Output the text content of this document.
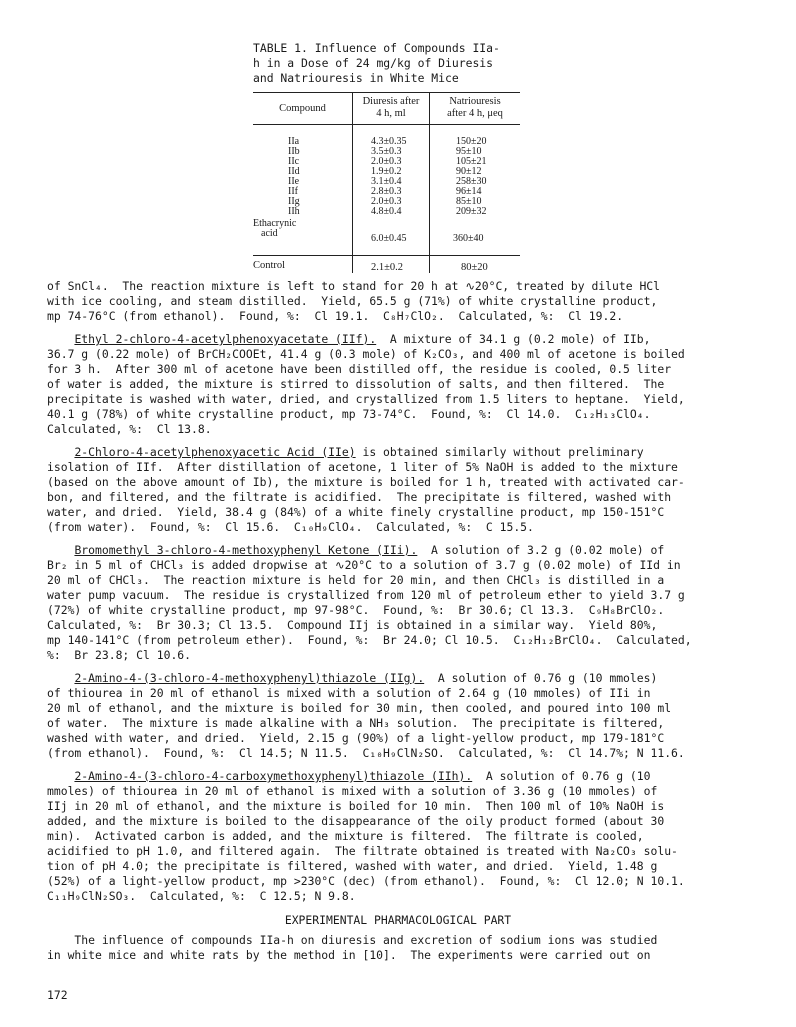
TABLE 1. Influence of Compounds IIa-
h in a Dose of 24 mg/kg of Diuresis
and Natriouresis in White Mice
Compound
Diuresis after
4 h, ml
Natriouresis
after 4 h, μeq
IIa
IIb
IIc
IId
IIe
IIf
IIg
IIh
Ethacrynic
acid
4.3±0.35
3.5±0.3
2.0±0.3
1.9±0.2
3.1±0.4
2.8±0.3
2.0±0.3
4.8±0.4
6.0±0.45
150±20
95±10
105±21
90±12
258±30
96±14
85±10
209±32
360±40
Control	2.1±0.2	80±20
of SnCl₄.  The reaction mixture is left to stand for 20 h at ∿20°C, treated by dilute HCl
with ice cooling, and steam distilled.  Yield, 65.5 g (71%) of white crystalline product,
mp 74-76°C (from ethanol).  Found, %:  Cl 19.1.  C₈H₇ClO₂.  Calculated, %:  Cl 19.2.
Ethyl 2-chloro-4-acetylphenoxyacetate (IIf).  A mixture of 34.1 g (0.2 mole) of IIb,
36.7 g (0.22 mole) of BrCH₂COOEt, 41.4 g (0.3 mole) of K₂CO₃, and 400 ml of acetone is boiled
for 3 h.  After 300 ml of acetone have been distilled off, the residue is cooled, 0.5 liter
of water is added, the mixture is stirred to dissolution of salts, and then filtered.  The
precipitate is washed with water, dried, and crystallized from 1.5 liters to heptane.  Yield,
40.1 g (78%) of white crystalline product, mp 73-74°C.  Found, %:  Cl 14.0.  C₁₂H₁₃ClO₄.
Calculated, %:  Cl 13.8.
2-Chloro-4-acetylphenoxyacetic Acid (IIe) is obtained similarly without preliminary
isolation of IIf.  After distillation of acetone, 1 liter of 5% NaOH is added to the mixture
(based on the above amount of Ib), the mixture is boiled for 1 h, treated with activated car-
bon, and filtered, and the filtrate is acidified.  The precipitate is filtered, washed with
water, and dried.  Yield, 38.4 g (84%) of a white finely crystalline product, mp 150-151°C
(from water).  Found, %:  Cl 15.6.  C₁₀H₉ClO₄.  Calculated, %:  C 15.5.
Bromomethyl 3-chloro-4-methoxyphenyl Ketone (IIi).  A solution of 3.2 g (0.02 mole) of
Br₂ in 5 ml of CHCl₃ is added dropwise at ∿20°C to a solution of 3.7 g (0.02 mole) of IId in
20 ml of CHCl₃.  The reaction mixture is held for 20 min, and then CHCl₃ is distilled in a
water pump vacuum.  The residue is crystallized from 120 ml of petroleum ether to yield 3.7 g
(72%) of white crystalline product, mp 97-98°C.  Found, %:  Br 30.6; Cl 13.3.  C₉H₈BrClO₂.
Calculated, %:  Br 30.3; Cl 13.5.  Compound IIj is obtained in a similar way.  Yield 80%,
mp 140-141°C (from petroleum ether).  Found, %:  Br 24.0; Cl 10.5.  C₁₂H₁₂BrClO₄.  Calculated,
%:  Br 23.8; Cl 10.6.
2-Amino-4-(3-chloro-4-methoxyphenyl)thiazole (IIg).  A solution of 0.76 g (10 mmoles)
of thiourea in 20 ml of ethanol is mixed with a solution of 2.64 g (10 mmoles) of IIi in
20 ml of ethanol, and the mixture is boiled for 30 min, then cooled, and poured into 100 ml
of water.  The mixture is made alkaline with a NH₃ solution.  The precipitate is filtered,
washed with water, and dried.  Yield, 2.15 g (90%) of a light-yellow product, mp 179-181°C
(from ethanol).  Found, %:  Cl 14.5; N 11.5.  C₁₀H₉ClN₂SO.  Calculated, %:  Cl 14.7%; N 11.6.
2-Amino-4-(3-chloro-4-carboxymethoxyphenyl)thiazole (IIh).  A solution of 0.76 g (10
mmoles) of thiourea in 20 ml of ethanol is mixed with a solution of 3.36 g (10 mmoles) of
IIj in 20 ml of ethanol, and the mixture is boiled for 10 min.  Then 100 ml of 10% NaOH is
added, and the mixture is boiled to the disappearance of the oily product formed (about 30
min).  Activated carbon is added, and the mixture is filtered.  The filtrate is cooled,
acidified to pH 1.0, and filtered again.  The filtrate obtained is treated with Na₂CO₃ solu-
tion of pH 4.0; the precipitate is filtered, washed with water, and dried.  Yield, 1.48 g
(52%) of a light-yellow product, mp >230°C (dec) (from ethanol).  Found, %:  Cl 12.0; N 10.1.
C₁₁H₉ClN₂SO₃.  Calculated, %:  C 12.5; N 9.8.
EXPERIMENTAL PHARMACOLOGICAL PART
The influence of compounds IIa-h on diuresis and excretion of sodium ions was studied
in white mice and white rats by the method in [10].  The experiments were carried out on
172
